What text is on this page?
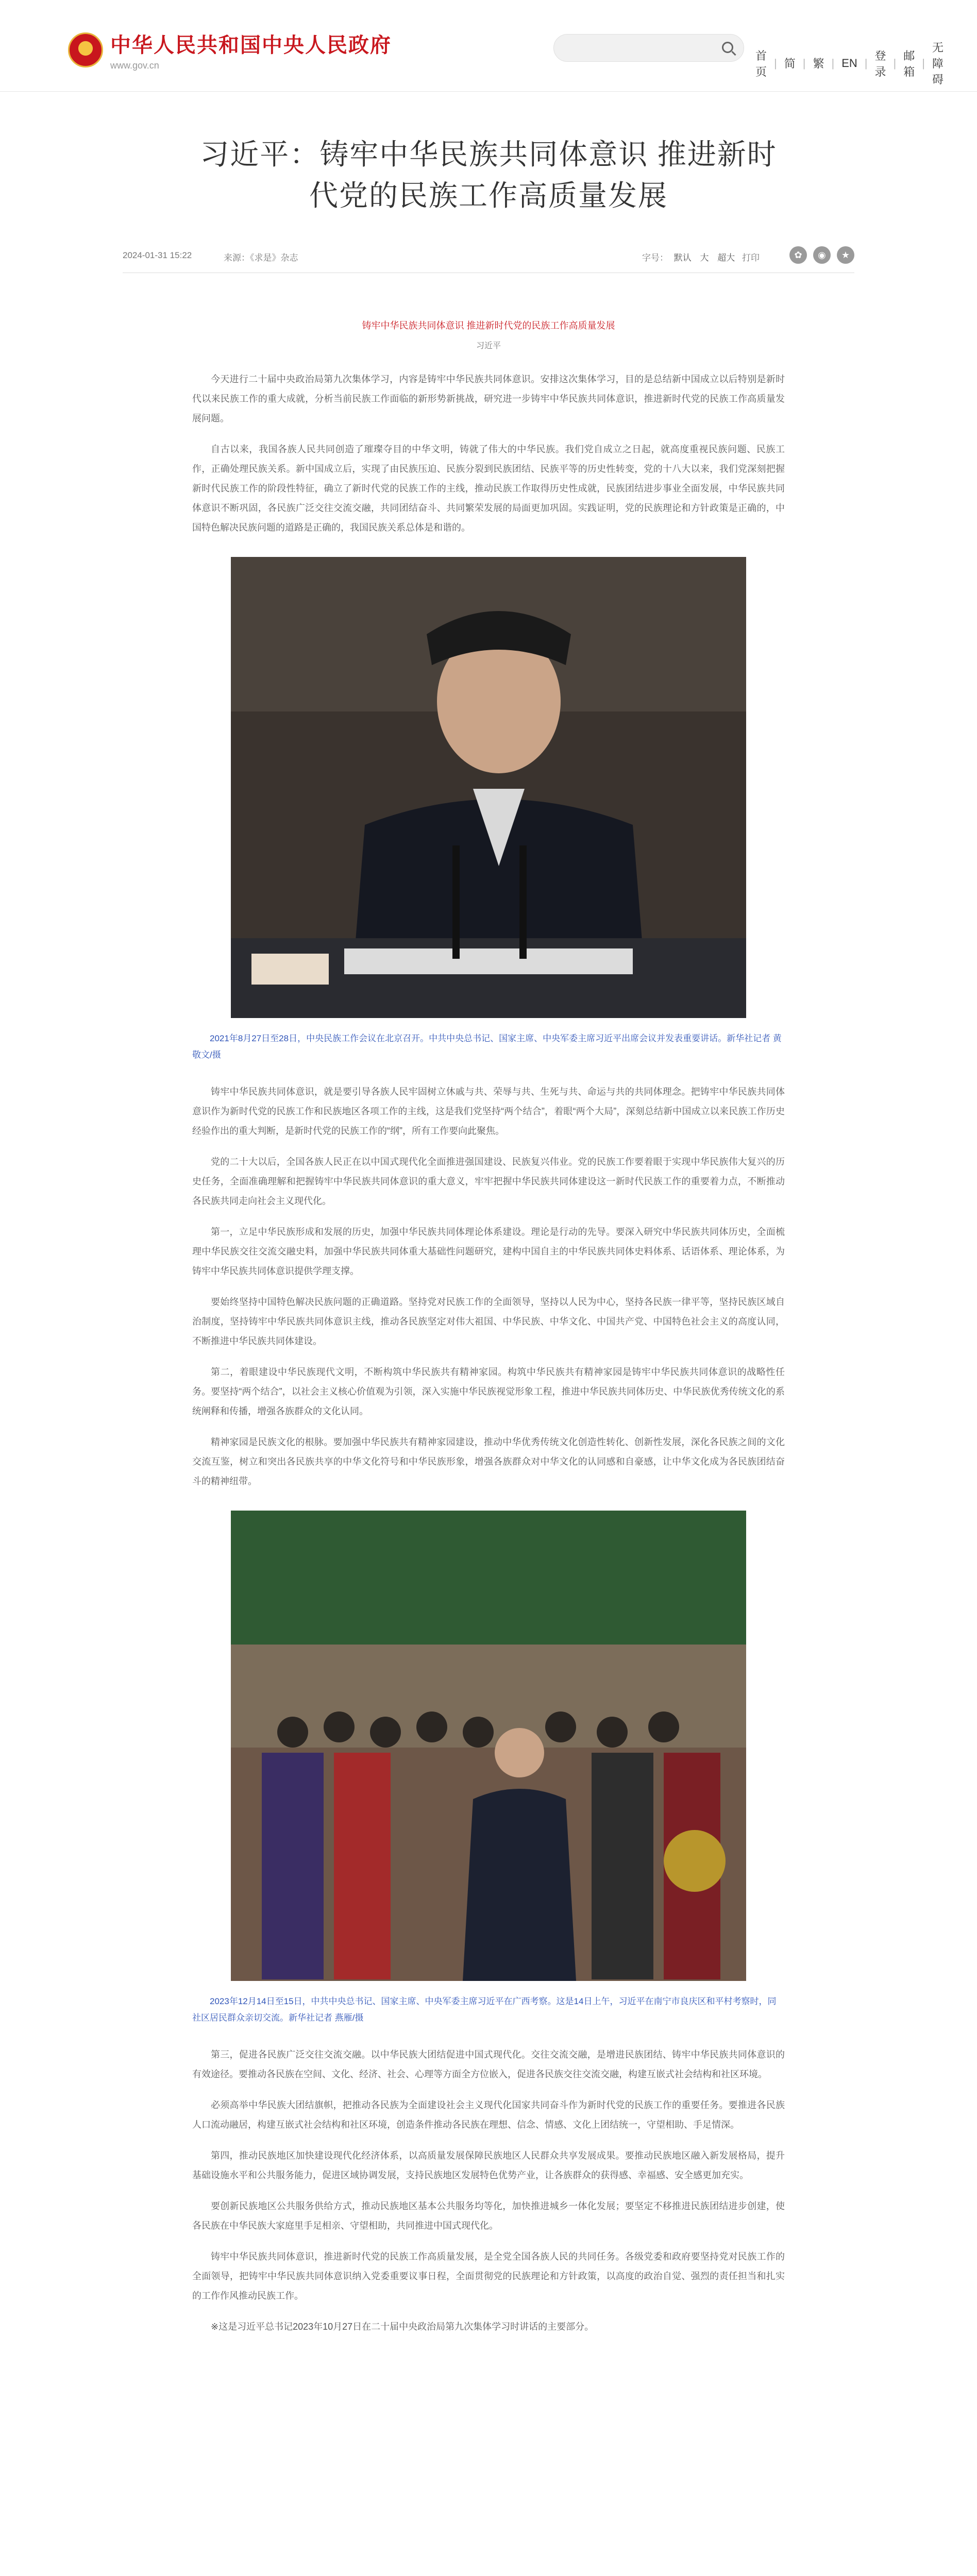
★
中华人民共和国中央人民政府
www.gov.cn
首页
| 简 | 繁 | EN |
登录
|
邮箱
|
无障碍
习近平：铸牢中华民族共同体意识 推进新时代党的民族工作高质量发展
2024-01-31 15:22	来源：《求是》杂志	字号： 默认 大 超大 打印	✿	◉	★
铸牢中华民族共同体意识 推进新时代党的民族工作高质量发展
习近平

今天进行二十届中央政治局第九次集体学习，内容是铸牢中华民族共同体意识。安排这次集体学习，目的是总结新中国成立以后特别是新时代以来民族工作的重大成就，分析当前民族工作面临的新形势新挑战，研究进一步铸牢中华民族共同体意识，推进新时代党的民族工作高质量发展问题。

自古以来，我国各族人民共同创造了璀璨夺目的中华文明，铸就了伟大的中华民族。我们党自成立之日起，就高度重视民族问题、民族工作，正确处理民族关系。新中国成立后，实现了由民族压迫、民族分裂到民族团结、民族平等的历史性转变，党的十八大以来，我们党深刻把握新时代民族工作的阶段性特征，确立了新时代党的民族工作的主线，推动民族工作取得历史性成就，民族团结进步事业全面发展，中华民族共同体意识不断巩固，各民族广泛交往交流交融，共同团结奋斗、共同繁荣发展的局面更加巩固。实践证明，党的民族理论和方针政策是正确的，中国特色解决民族问题的道路是正确的，我国民族关系总体是和谐的。

2021年8月27日至28日，中央民族工作会议在北京召开。中共中央总书记、国家主席、中央军委主席习近平出席会议并发表重要讲话。新华社记者 黄敬文/摄

铸牢中华民族共同体意识，就是要引导各族人民牢固树立休戚与共、荣辱与共、生死与共、命运与共的共同体理念。把铸牢中华民族共同体意识作为新时代党的民族工作和民族地区各项工作的主线，这是我们党坚持“两个结合”，着眼“两个大局”，深刻总结新中国成立以来民族工作历史经验作出的重大判断，是新时代党的民族工作的“纲”，所有工作要向此聚焦。

党的二十大以后，全国各族人民正在以中国式现代化全面推进强国建设、民族复兴伟业。党的民族工作要着眼于实现中华民族伟大复兴的历史任务，全面准确理解和把握铸牢中华民族共同体意识的重大意义，牢牢把握中华民族共同体建设这一新时代民族工作的重要着力点，不断推动各民族共同走向社会主义现代化。

第一，立足中华民族形成和发展的历史，加强中华民族共同体理论体系建设。理论是行动的先导。要深入研究中华民族共同体历史，全面梳理中华民族交往交流交融史料，加强中华民族共同体重大基础性问题研究，建构中国自主的中华民族共同体史料体系、话语体系、理论体系，为铸牢中华民族共同体意识提供学理支撑。

要始终坚持中国特色解决民族问题的正确道路。坚持党对民族工作的全面领导，坚持以人民为中心，坚持各民族一律平等，坚持民族区域自治制度，坚持铸牢中华民族共同体意识主线，推动各民族坚定对伟大祖国、中华民族、中华文化、中国共产党、中国特色社会主义的高度认同，不断推进中华民族共同体建设。

第二，着眼建设中华民族现代文明，不断构筑中华民族共有精神家园。构筑中华民族共有精神家园是铸牢中华民族共同体意识的战略性任务。要坚持“两个结合”，以社会主义核心价值观为引领，深入实施中华民族视觉形象工程，推进中华民族共同体历史、中华民族优秀传统文化的系统阐释和传播，增强各族群众的文化认同。

精神家园是民族文化的根脉。要加强中华民族共有精神家园建设，推动中华优秀传统文化创造性转化、创新性发展，深化各民族之间的文化交流互鉴，树立和突出各民族共享的中华文化符号和中华民族形象，增强各族群众对中华文化的认同感和自豪感，让中华文化成为各民族团结奋斗的精神纽带。

2023年12月14日至15日，中共中央总书记、国家主席、中央军委主席习近平在广西考察。这是14日上午，习近平在南宁市良庆区和平村考察时，同社区居民群众亲切交流。新华社记者 燕雁/摄

第三，促进各民族广泛交往交流交融。以中华民族大团结促进中国式现代化。交往交流交融，是增进民族团结、铸牢中华民族共同体意识的有效途径。要推动各民族在空间、文化、经济、社会、心理等方面全方位嵌入，促进各民族交往交流交融，构建互嵌式社会结构和社区环境。

必须高举中华民族大团结旗帜，把推动各民族为全面建设社会主义现代化国家共同奋斗作为新时代党的民族工作的重要任务。要推进各民族人口流动融居，构建互嵌式社会结构和社区环境，创造条件推动各民族在理想、信念、情感、文化上团结统一，守望相助、手足情深。

第四，推动民族地区加快建设现代化经济体系，以高质量发展保障民族地区人民群众共享发展成果。要推动民族地区融入新发展格局，提升基础设施水平和公共服务能力，促进区域协调发展，支持民族地区发展特色优势产业，让各族群众的获得感、幸福感、安全感更加充实。

要创新民族地区公共服务供给方式，推动民族地区基本公共服务均等化，加快推进城乡一体化发展；要坚定不移推进民族团结进步创建，使各民族在中华民族大家庭里手足相亲、守望相助，共同推进中国式现代化。

铸牢中华民族共同体意识，推进新时代党的民族工作高质量发展，是全党全国各族人民的共同任务。各级党委和政府要坚持党对民族工作的全面领导，把铸牢中华民族共同体意识纳入党委重要议事日程，全面贯彻党的民族理论和方针政策，以高度的政治自觉、强烈的责任担当和扎实的工作作风推动民族工作。

※这是习近平总书记2023年10月27日在二十届中央政治局第九次集体学习时讲话的主要部分。
